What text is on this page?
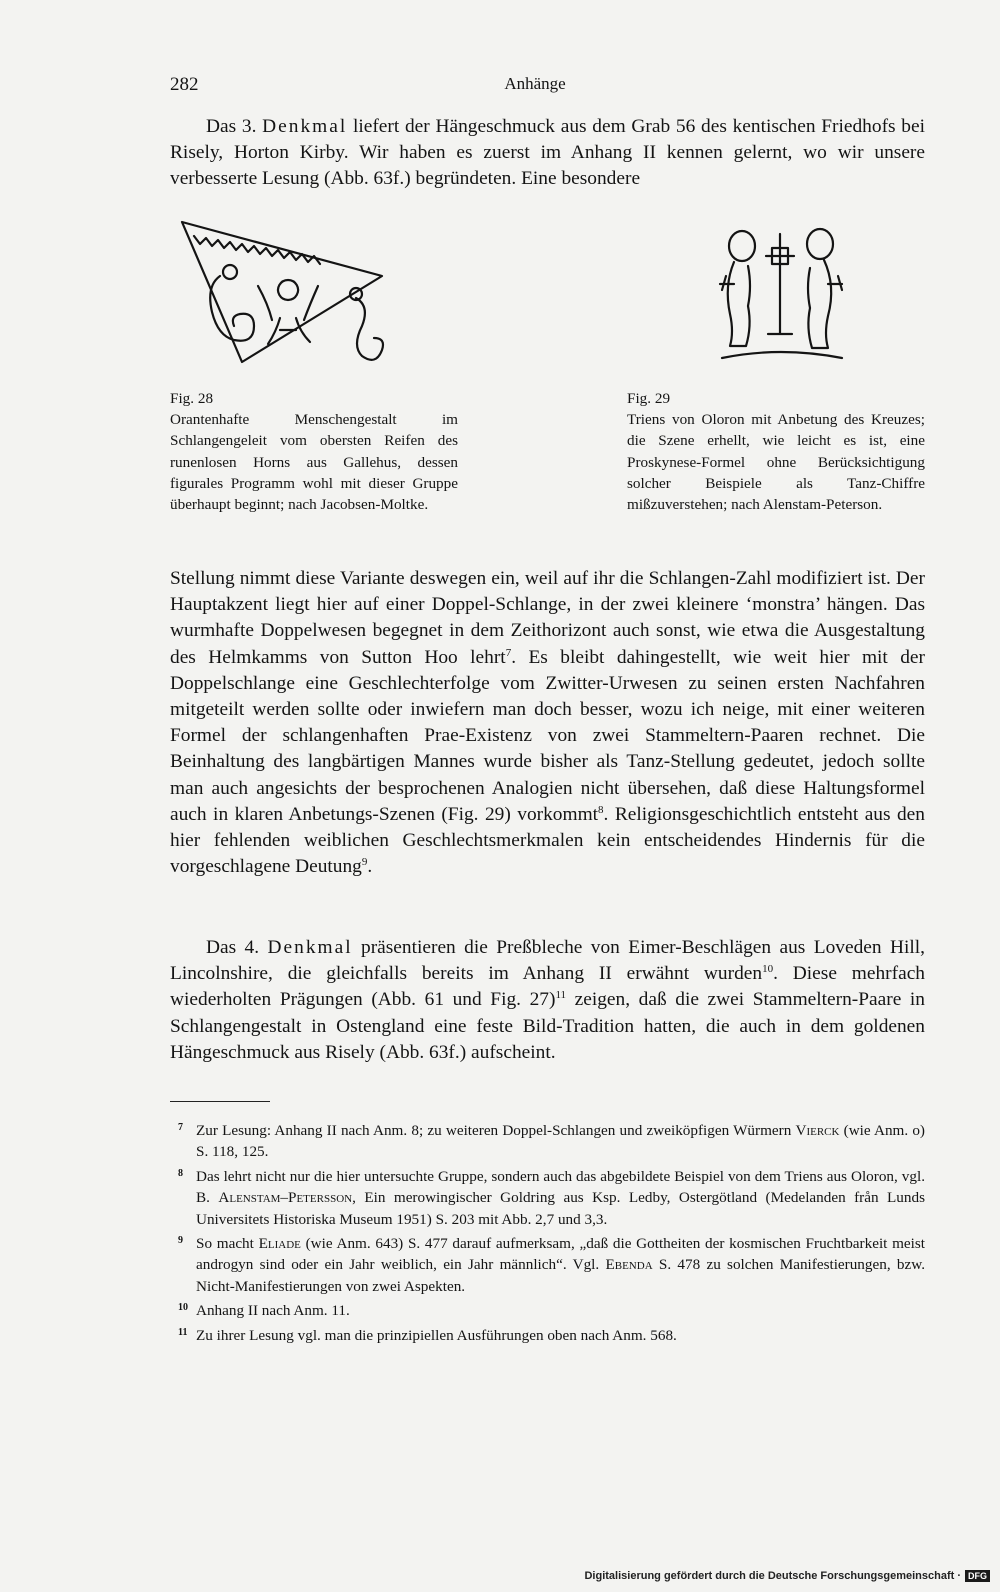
282	Anhänge

Das 3. Denkmal liefert der Hängeschmuck aus dem Grab 56 des kentischen Friedhofs bei Risely, Horton Kirby. Wir haben es zuerst im Anhang II kennen gelernt, wo wir unsere verbesserte Lesung (Abb. 63f.) begründeten. Eine besondere

Fig. 28
Orantenhafte Menschengestalt im Schlangengeleit vom obersten Reifen des runenlosen Horns aus Gallehus, dessen figurales Programm wohl mit dieser Gruppe überhaupt beginnt; nach Jacobsen-Moltke.
Fig. 29
Triens von Oloron mit Anbetung des Kreuzes; die Szene erhellt, wie leicht es ist, eine Proskynese-Formel ohne Berücksichtigung solcher Beispiele als Tanz-Chiffre mißzuverstehen; nach Alenstam-Peterson.

Stellung nimmt diese Variante deswegen ein, weil auf ihr die Schlangen-Zahl modifiziert ist. Der Hauptakzent liegt hier auf einer Doppel-Schlange, in der zwei kleinere ‘monstra’ hängen. Das wurmhafte Doppelwesen begegnet in dem Zeithorizont auch sonst, wie etwa die Ausgestaltung des Helmkamms von Sutton Hoo lehrt$^7$. Es bleibt dahingestellt, wie weit hier mit der Doppelschlange eine Geschlechterfolge vom Zwitter-Urwesen zu seinen ersten Nachfahren mitgeteilt werden sollte oder inwiefern man doch besser, wozu ich neige, mit einer weiteren Formel der schlangenhaften Prae-Existenz von zwei Stammeltern-Paaren rechnet. Die Beinhaltung des langbärtigen Mannes wurde bisher als Tanz-Stellung gedeutet, jedoch sollte man auch angesichts der besprochenen Analogien nicht übersehen, daß diese Haltungsformel auch in klaren Anbetungs-Szenen (Fig. 29) vorkommt$^8$. Religionsgeschichtlich entsteht aus den hier fehlenden weiblichen Geschlechtsmerkmalen kein entscheidendes Hindernis für die vorgeschlagene Deutung$^9$.

Das 4. Denkmal präsentieren die Preßbleche von Eimer-Beschlägen aus Loveden Hill, Lincolnshire, die gleichfalls bereits im Anhang II erwähnt wurden$^{10}$. Diese mehrfach wiederholten Prägungen (Abb. 61 und Fig. 27)$^{11}$ zeigen, daß die zwei Stammeltern-Paare in Schlangengestalt in Ostengland eine feste Bild-Tradition hatten, die auch in dem goldenen Hängeschmuck aus Risely (Abb. 63f.) aufscheint.

7 Zur Lesung: Anhang II nach Anm. 8; zu weiteren Doppel-Schlangen und zweiköpfigen Würmern Vierck (wie Anm. o) S. 118, 125.

8 Das lehrt nicht nur die hier untersuchte Gruppe, sondern auch das abgebildete Beispiel von dem Triens aus Oloron, vgl. B. Alenstam–Petersson, Ein merowingischer Goldring aus Ksp. Ledby, Ostergötland (Medelanden från Lunds Universitets Historiska Museum 1951) S. 203 mit Abb. 2,7 und 3,3.

9 So macht Eliade (wie Anm. 643) S. 477 darauf aufmerksam, „daß die Gottheiten der kosmischen Fruchtbarkeit meist androgyn sind oder ein Jahr weiblich, ein Jahr männlich“. Vgl. Ebenda S. 478 zu solchen Manifestierungen, bzw. Nicht-Manifestierungen von zwei Aspekten.

10 Anhang II nach Anm. 11.

11 Zu ihrer Lesung vgl. man die prinzipiellen Ausführungen oben nach Anm. 568.

Digitalisierung gefördert durch die Deutsche Forschungsgemeinschaft · DFG
